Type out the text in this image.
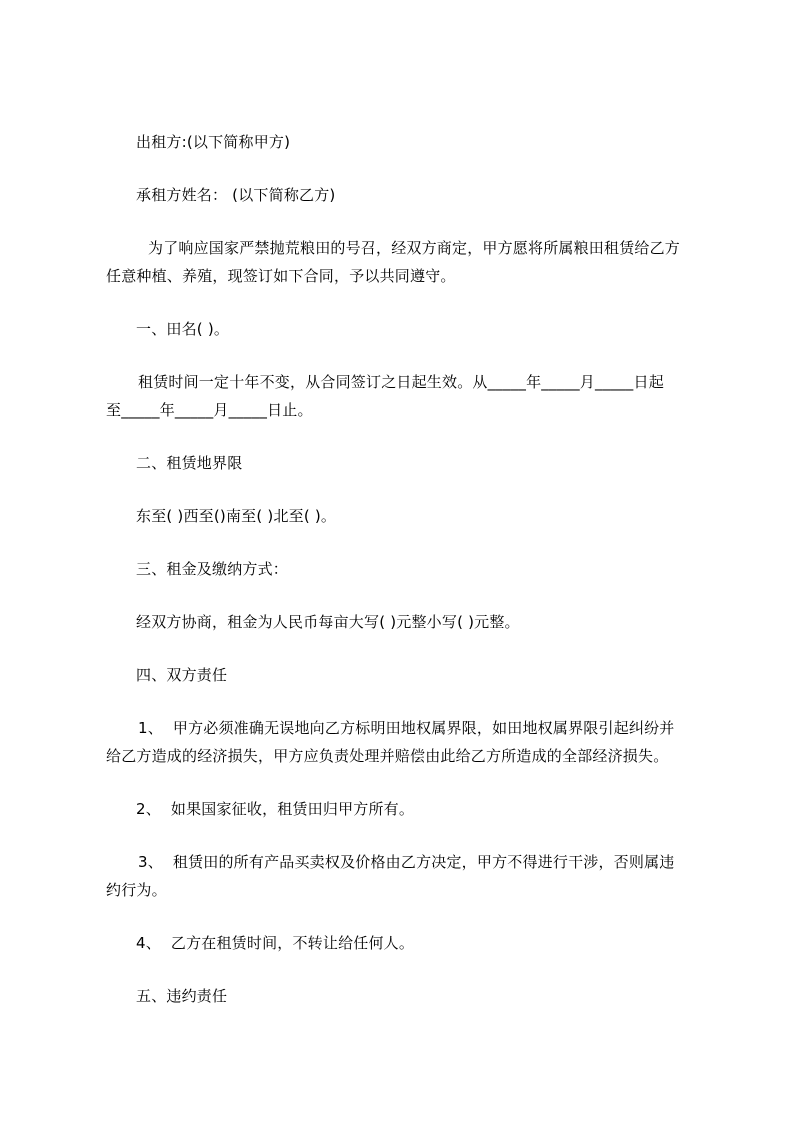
出租方:(以下简称甲方)
承租方姓名： (以下简称乙方)
为了响应国家严禁抛荒粮田的号召，经双方商定，甲方愿将所属粮田租赁给乙方
任意种植、养殖，现签订如下合同，予以共同遵守。
一、田名( )。
租赁时间一定十年不变，从合同签订之日起生效。从_____年_____月_____日起
至_____年_____月_____日止。
二、租赁地界限
东至( )西至()南至( )北至( )。
三、租金及缴纳方式：
经双方协商，租金为人民币每亩大写( )元整小写( )元整。
四、双方责任
1、  甲方必须准确无误地向乙方标明田地权属界限，如田地权属界限引起纠纷并
给乙方造成的经济损失，甲方应负责处理并赔偿由此给乙方所造成的全部经济损失。
2、  如果国家征收，租赁田归甲方所有。
3、  租赁田的所有产品买卖权及价格由乙方决定，甲方不得进行干涉，否则属违
约行为。
4、  乙方在租赁时间，不转让给任何人。
五、违约责任
